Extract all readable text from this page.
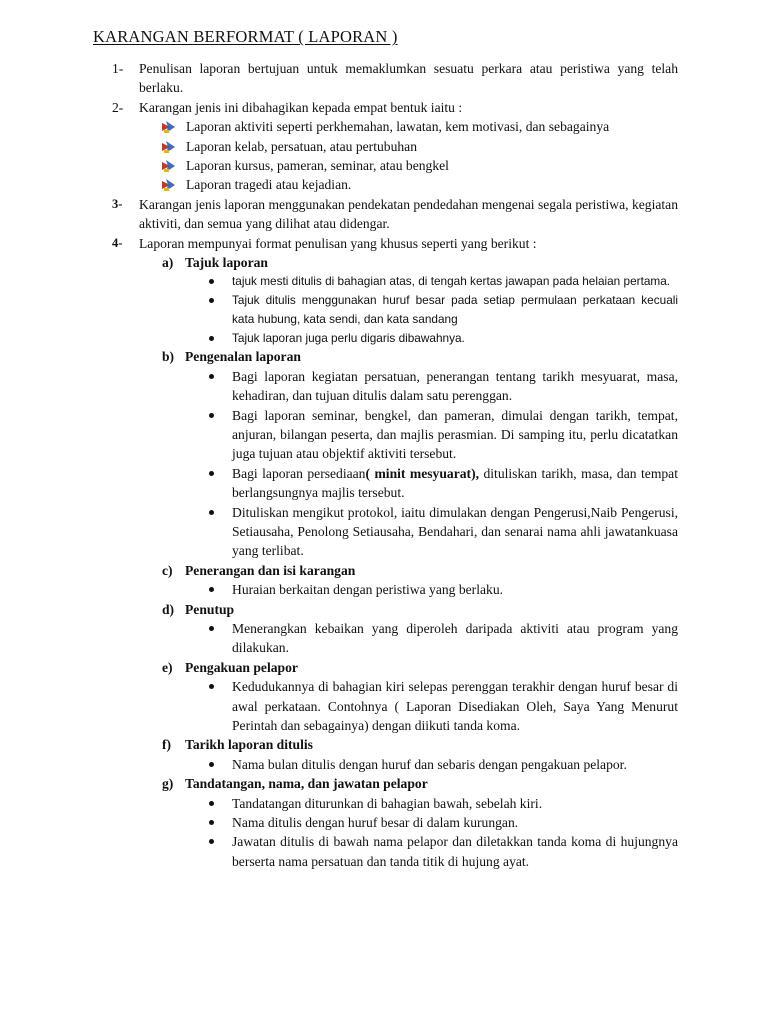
KARANGAN BERFORMAT ( LAPORAN )
1- Penulisan laporan bertujuan untuk memaklumkan sesuatu perkara atau peristiwa yang telah berlaku.
2- Karangan jenis ini dibahagikan kepada empat bentuk iaitu :
Laporan aktiviti seperti perkhemahan, lawatan, kem motivasi, dan sebagainya
Laporan kelab, persatuan, atau pertubuhan
Laporan kursus, pameran, seminar, atau bengkel
Laporan tragedi atau kejadian.
3- Karangan jenis laporan menggunakan pendekatan pendedahan mengenai segala peristiwa, kegiatan aktiviti, dan semua yang dilihat atau didengar.
4- Laporan mempunyai format penulisan yang khusus seperti yang berikut :
a) Tajuk laporan
tajuk mesti ditulis di bahagian atas, di tengah kertas jawapan pada helaian pertama.
Tajuk ditulis menggunakan huruf besar pada setiap permulaan perkataan kecuali kata hubung, kata sendi, dan kata sandang
Tajuk laporan juga perlu digaris dibawahnya.
b) Pengenalan laporan
Bagi laporan kegiatan persatuan, penerangan tentang tarikh mesyuarat, masa, kehadiran, dan tujuan ditulis dalam satu perenggan.
Bagi laporan seminar, bengkel, dan pameran, dimulai dengan tarikh, tempat, anjuran, bilangan peserta, dan majlis perasmian. Di samping itu, perlu dicatatkan juga tujuan atau objektif aktiviti tersebut.
Bagi laporan persediaan( minit mesyuarat), dituliskan tarikh, masa, dan tempat berlangsungnya majlis tersebut.
Dituliskan mengikut protokol, iaitu dimulakan dengan Pengerusi,Naib Pengerusi, Setiausaha, Penolong Setiausaha, Bendahari, dan senarai nama ahli jawatankuasa yang terlibat.
c) Penerangan dan isi karangan
Huraian berkaitan dengan peristiwa yang berlaku.
d) Penutup
Menerangkan kebaikan yang diperoleh daripada aktiviti atau program yang dilakukan.
e) Pengakuan pelapor
Kedudukannya di bahagian kiri selepas perenggan terakhir dengan huruf besar di awal perkataan. Contohnya ( Laporan Disediakan Oleh, Saya Yang Menurut Perintah dan sebagainya) dengan diikuti tanda koma.
f) Tarikh laporan ditulis
Nama bulan ditulis dengan huruf dan sebaris dengan pengakuan pelapor.
g) Tandatangan, nama, dan jawatan pelapor
Tandatangan diturunkan di bahagian bawah, sebelah kiri.
Nama ditulis dengan huruf besar di dalam kurungan.
Jawatan ditulis di bawah nama pelapor dan diletakkan tanda koma di hujungnya berserta nama persatuan dan tanda titik di hujung ayat.
